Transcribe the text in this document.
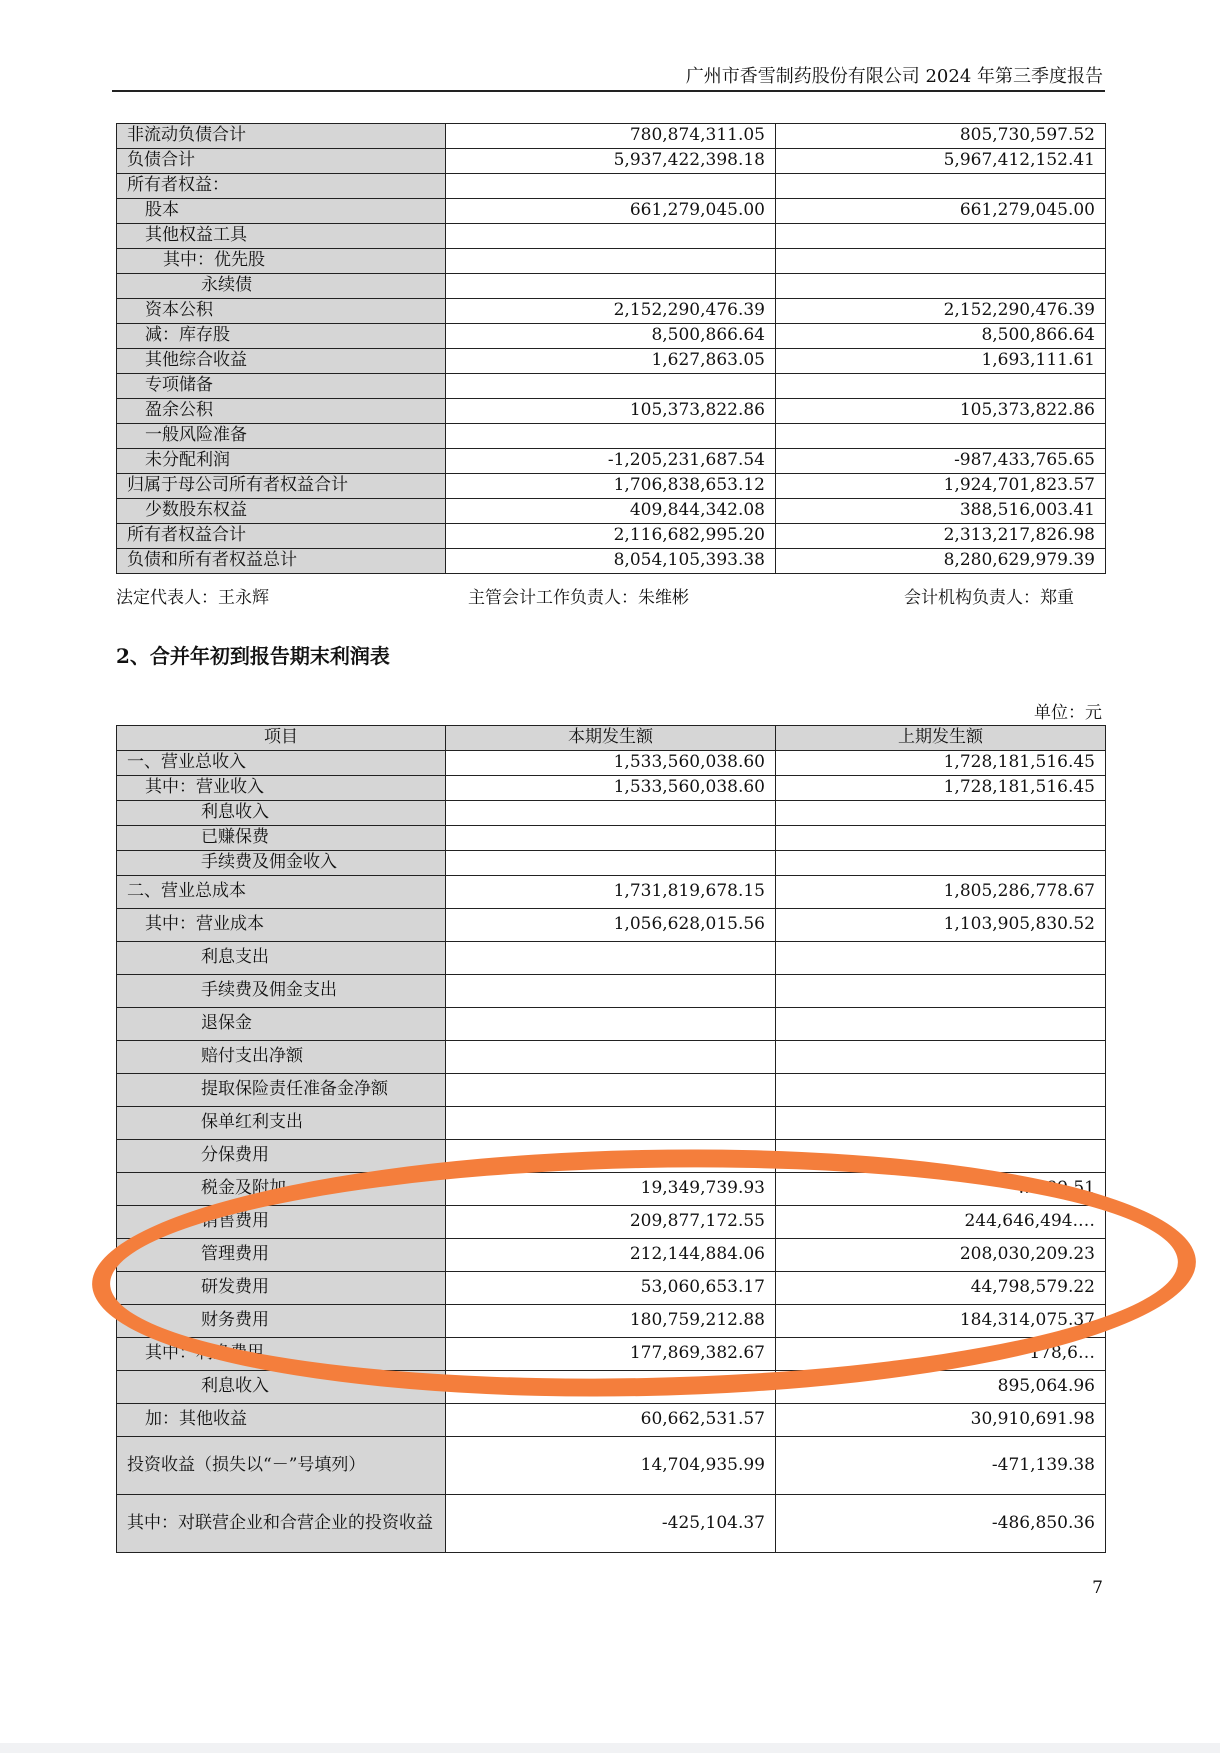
广州市香雪制药股份有限公司 2024 年第三季度报告
非流动负债合计	780,874,311.05	805,730,597.52
负债合计	5,937,422,398.18	5,967,412,152.41
所有者权益：		
股本	661,279,045.00	661,279,045.00
其他权益工具		
其中：优先股		
永续债		
资本公积	2,152,290,476.39	2,152,290,476.39
减：库存股	8,500,866.64	8,500,866.64
其他综合收益	1,627,863.05	1,693,111.61
专项储备		
盈余公积	105,373,822.86	105,373,822.86
一般风险准备		
未分配利润	-1,205,231,687.54	-987,433,765.65
归属于母公司所有者权益合计	1,706,838,653.12	1,924,701,823.57
少数股东权益	409,844,342.08	388,516,003.41
所有者权益合计	2,116,682,995.20	2,313,217,826.98
负债和所有者权益总计	8,054,105,393.38	8,280,629,979.39
法定代表人：王永辉	主管会计工作负责人：朱维彬	会计机构负责人：郑重
2、合并年初到报告期末利润表
单位：元
项目	本期发生额	上期发生额
一、营业总收入	1,533,560,038.60	1,728,181,516.45
其中：营业收入	1,533,560,038.60	1,728,181,516.45
利息收入		
已赚保费		
手续费及佣金收入		
二、营业总成本	1,731,819,678.15	1,805,286,778.67
其中：营业成本	1,056,628,015.56	1,103,905,830.52
利息支出		
手续费及佣金支出		
退保金		
赔付支出净额		
提取保险责任准备金净额		
保单红利支出		
分保费用		
税金及附加	19,349,739.93	…589.51
销售费用	209,877,172.55	244,646,494.…
管理费用	212,144,884.06	208,030,209.23
研发费用	53,060,653.17	44,798,579.22
财务费用	180,759,212.88	184,314,075.37
其中：利息费用	177,869,382.67	178,6…
利息收入		895,064.96
加：其他收益	60,662,531.57	30,910,691.98
投资收益（损失以“－”号填列）	14,704,935.99	-471,139.38
其中：对联营企业和合营企业的投资收益	-425,104.37	-486,850.36
7
